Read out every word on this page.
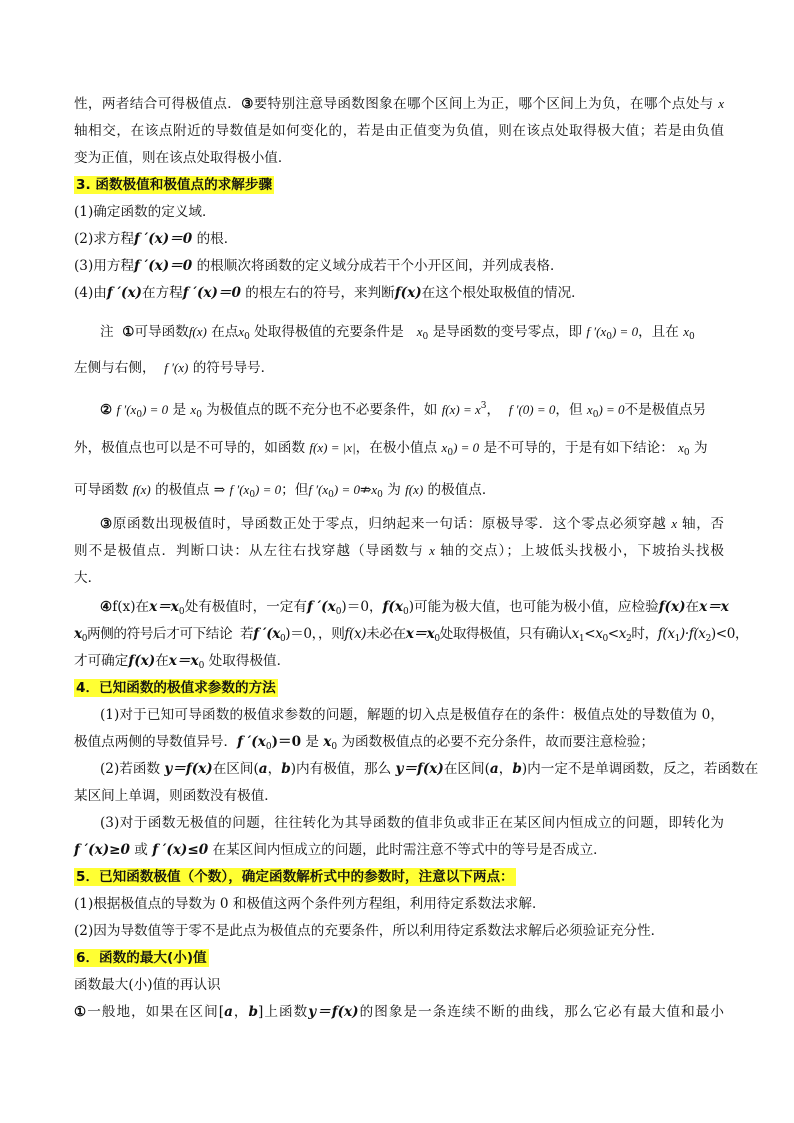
性，两者结合可得极值点．③要特别注意导函数图象在哪个区间上为正，哪个区间上为负，在哪个点处与 x
轴相交，在该点附近的导数值是如何变化的，若是由正值变为负值，则在该点处取得极大值；若是由负值
变为正值，则在该点处取得极小值．
3. 函数极值和极值点的求解步骤
(1)确定函数的定义域．
(2)求方程f ′(x)＝0 的根．
(3)用方程f ′(x)＝0 的根顺次将函数的定义域分成若干个小开区间，并列成表格．
(4)由f ′(x)在方程f ′(x)＝0 的根左右的符号，来判断f(x)在这个根处取极值的情况．
注 ①可导函数f(x) 在点$x_0$ 处取得极值的充要条件是 $x_0$ 是导函数的变号零点，即 f $'(x_0) = 0$，且在 $x_0$
左侧与右侧， f ′(x) 的符号导号．
② f $'(x_0) = 0$ 是 $x_0$ 为极值点的既不充分也不必要条件，如 $f(x) = x^3$， f ′(0) = 0，但 $x_0) = 0$不是极值点另
外，极值点也可以是不可导的，如函数 f(x) = |x|，在极小值点 $x_0) = 0$ 是不可导的，于是有如下结论： $x_0$ 为
可导函数 f(x) 的极值点 ⇒ f $'(x_0) = 0$；但f $'(x_0)$ = $0⇏x_0$ 为 f(x) 的极值点．
③原函数出现极值时，导函数正处于零点，归纳起来一句话：原极导零．这个零点必须穿越 x 轴，否
则不是极值点．判断口诀：从左往右找穿越（导函数与 x 轴的交点）；上坡低头找极小，下坡抬头找极
大．
④f(x)在$x=x_0$处有极值时，一定有f $'(x_0)=0$，$f(x_0)$可能为极大值，也可能为极小值，应检验f(x)在x＝x
$x_0$两侧的符号后才可下结论 若f $'(x_0)=0$，，则f(x)未必在$x=x_0$处取得极值，只有确认$x_1<x_0<x_2$时，$f(x_1)\cdot f(x_2)<0$，
才可确定f(x)在$x=x_0$ 处取得极值．
4．已知函数的极值求参数的方法
(1)对于已知可导函数的极值求参数的问题，解题的切入点是极值存在的条件：极值点处的导数值为 0，
极值点两侧的导数值异号．f $'(x_0)=0$ 是 $x_0$ 为函数极值点的必要不充分条件，故而要注意检验；
(2)若函数 y＝f(x)在区间(a，b)内有极值，那么 y＝f(x)在区间(a，b)内一定不是单调函数，反之，若函数在
某区间上单调，则函数没有极值．
(3)对于函数无极值的问题，往往转化为其导函数的值非负或非正在某区间内恒成立的问题，即转化为
f ′(x)≥0 或 f ′(x)≤0 在某区间内恒成立的问题，此时需注意不等式中的等号是否成立．
5．已知函数极值（个数），确定函数解析式中的参数时，注意以下两点：
(1)根据极值点的导数为 0 和极值这两个条件列方程组，利用待定系数法求解．
(2)因为导数值等于零不是此点为极值点的充要条件，所以利用待定系数法求解后必须验证充分性．
6．函数的最大(小)值
函数最大(小)值的再认识
①一般地，如果在区间[a，b]上函数y＝f(x)的图象是一条连续不断的曲线，那么它必有最大值和最小
